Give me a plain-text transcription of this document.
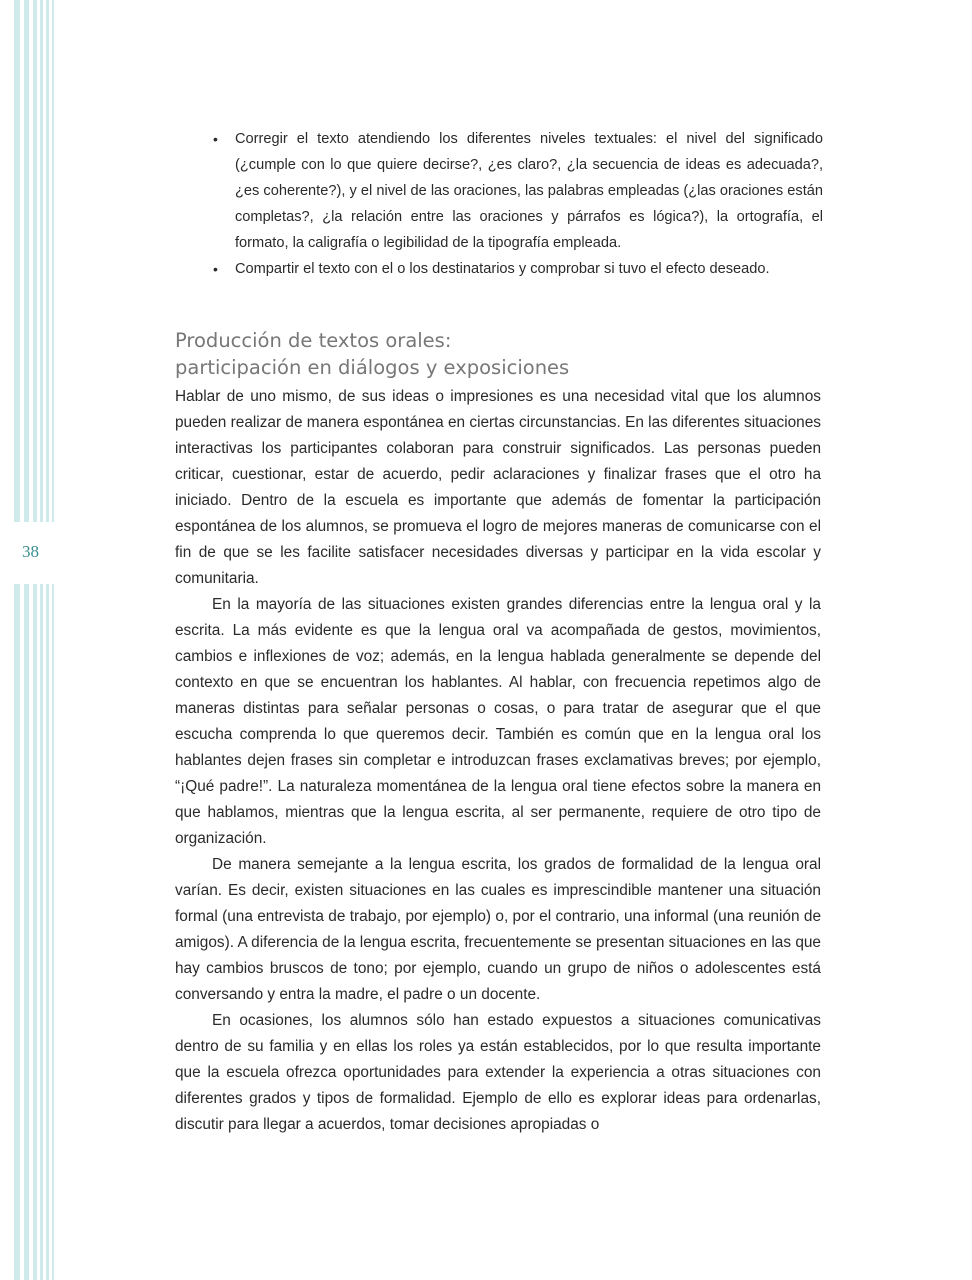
38
• Corregir el texto atendiendo los diferentes niveles textuales: el nivel del significado (¿cumple con lo que quiere decirse?, ¿es claro?, ¿la secuencia de ideas es adecuada?, ¿es coherente?), y el nivel de las oraciones, las palabras empleadas (¿las oraciones están completas?, ¿la relación entre las oraciones y párrafos es lógica?), la ortografía, el formato, la caligrafía o legibilidad de la tipografía empleada.
• Compartir el texto con el o los destinatarios y comprobar si tuvo el efecto deseado.
Producción de textos orales:
participación en diálogos y exposiciones

Hablar de uno mismo, de sus ideas o impresiones es una necesidad vital que los alumnos pueden realizar de manera espontánea en ciertas circunstancias. En las diferentes situaciones interactivas los participantes colaboran para construir significados. Las personas pueden criticar, cuestionar, estar de acuerdo, pedir aclaraciones y finalizar frases que el otro ha iniciado. Dentro de la escuela es importante que además de fomentar la participación espontánea de los alumnos, se promueva el logro de mejores maneras de comunicarse con el fin de que se les facilite satisfacer necesidades diversas y participar en la vida escolar y comunitaria.

En la mayoría de las situaciones existen grandes diferencias entre la lengua oral y la escrita. La más evidente es que la lengua oral va acompañada de gestos, movimientos, cambios e inflexiones de voz; además, en la lengua hablada generalmente se depende del contexto en que se encuentran los hablantes. Al hablar, con frecuencia repetimos algo de maneras distintas para señalar personas o cosas, o para tratar de asegurar que el que escucha comprenda lo que queremos decir. También es común que en la lengua oral los hablantes dejen frases sin completar e introduzcan frases exclamativas breves; por ejemplo, “¡Qué padre!”. La naturaleza momentánea de la lengua oral tiene efectos sobre la manera en que hablamos, mientras que la lengua escrita, al ser permanente, requiere de otro tipo de organización.

De manera semejante a la lengua escrita, los grados de formalidad de la lengua oral varían. Es decir, existen situaciones en las cuales es imprescindible mantener una situación formal (una entrevista de trabajo, por ejemplo) o, por el contrario, una informal (una reunión de amigos). A diferencia de la lengua escrita, frecuentemente se presentan situaciones en las que hay cambios bruscos de tono; por ejemplo, cuando un grupo de niños o adolescentes está conversando y entra la madre, el padre o un docente.

En ocasiones, los alumnos sólo han estado expuestos a situaciones comunicativas dentro de su familia y en ellas los roles ya están establecidos, por lo que resulta importante que la escuela ofrezca oportunidades para extender la experiencia a otras situaciones con diferentes grados y tipos de formalidad. Ejemplo de ello es explorar ideas para ordenarlas, discutir para llegar a acuerdos, tomar decisiones apropiadas o
